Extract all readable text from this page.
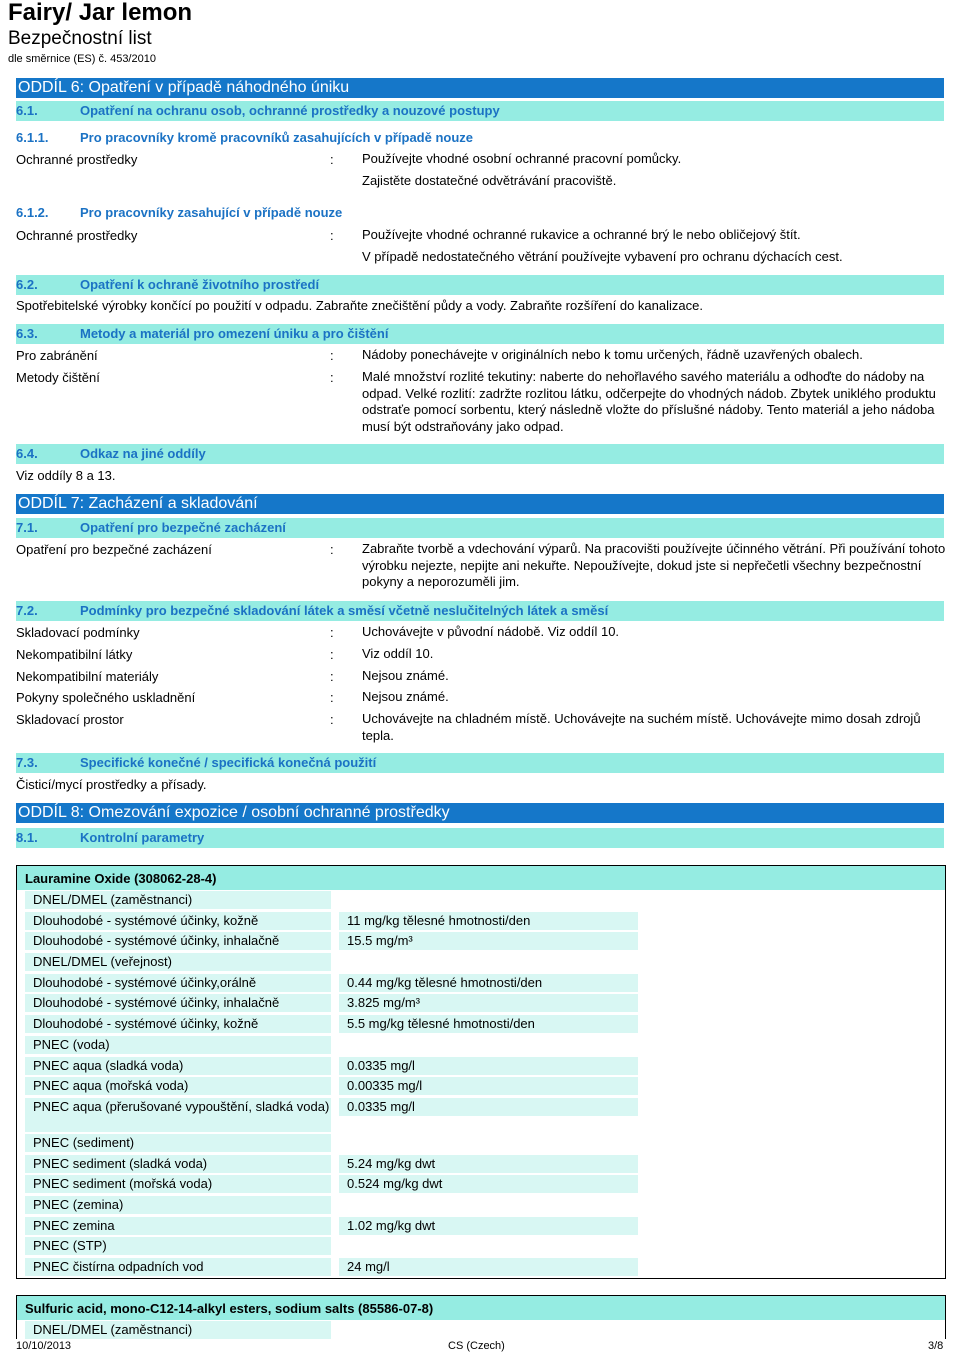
Fairy/ Jar lemon
Bezpečnostní list
dle směrnice (ES) č. 453/2010
ODDÍL 6: Opatření v případě náhodného úniku
6.1.	Opatření na ochranu osob, ochranné prostředky a nouzové postupy
6.1.1. Pro pracovníky kromě pracovníků zasahujících v případě nouze
Ochranné prostředky	: Používejte vhodné osobní ochranné pracovní pomůcky.
Zajistěte dostatečné odvětrávání pracoviště.
6.1.2. Pro pracovníky zasahující v případě nouze
Ochranné prostředky	: Používejte vhodné ochranné rukavice a ochranné brý le nebo obličejový štít.
V případě nedostatečného větrání používejte vybavení pro ochranu dýchacích cest.
6.2.	Opatření k ochraně životního prostředí
Spotřebitelské výrobky končící po použití v odpadu. Zabraňte znečištění půdy a vody. Zabraňte rozšíření do kanalizace.
6.3.	Metody a materiál pro omezení úniku a pro čištění
Pro zabránění	: Nádoby ponechávejte v originálních nebo k tomu určených, řádně uzavřených obalech.
Metody čištění	: Malé množství rozlité tekutiny: naberte do nehořlavého savého materiálu a odhoďte do nádoby na odpad. Velké rozlití: zadržte rozlitou látku, odčerpejte do vhodných nádob. Zbytek uniklého produktu odstraťe pomocí sorbentu, který následně vložte do příslušné nádoby. Tento materiál a jeho nádoba musí být odstraňovány jako odpad.
6.4.	Odkaz na jiné oddíly
Viz oddíly 8 a 13.
ODDÍL 7: Zacházení a skladování
7.1.	Opatření pro bezpečné zacházení
Opatření pro bezpečné zacházení	: Zabraňte tvorbě a vdechování výparů. Na pracovišti používejte účinného větrání. Při používání tohoto výrobku nejezte, nepijte ani nekuřte. Nepoužívejte, dokud jste si nepřečetli všechny bezpečnostní pokyny a neporozuměli jim.
7.2.	Podmínky pro bezpečné skladování látek a směsí včetně neslučitelných látek a směsí
Skladovací podmínky	: Uchovávejte v původní nádobě. Viz oddíl 10.
Nekompatibilní látky	: Viz oddíl 10.
Nekompatibilní materiály	: Nejsou známé.
Pokyny společného uskladnění	: Nejsou známé.
Skladovací prostor	: Uchovávejte na chladném místě. Uchovávejte na suchém místě. Uchovávejte mimo dosah zdrojů tepla.
7.3.	Specifické konečné / specifická konečná použití
Čisticí/mycí prostředky a přísady.
ODDÍL 8: Omezování expozice / osobní ochranné prostředky
8.1.	Kontrolní parametry
Lauramine Oxide (308062-28-4)
DNEL/DMEL (zaměstnanci)
Dlouhodobé - systémové účinky, kožně	11 mg/kg tělesné hmotnosti/den
Dlouhodobé - systémové účinky, inhalačně	15.5 mg/m³
DNEL/DMEL (veřejnost)
Dlouhodobé - systémové účinky,orálně	0.44 mg/kg tělesné hmotnosti/den
Dlouhodobé - systémové účinky, inhalačně	3.825 mg/m³
Dlouhodobé - systémové účinky, kožně	5.5 mg/kg tělesné hmotnosti/den
PNEC (voda)
PNEC aqua (sladká voda)	0.0335 mg/l
PNEC aqua (mořská voda)	0.00335 mg/l
PNEC aqua (přerušované vypouštění, sladká voda)	0.0335 mg/l
PNEC (sediment)
PNEC sediment (sladká voda)	5.24 mg/kg dwt
PNEC sediment (mořská voda)	0.524 mg/kg dwt
PNEC (zemina)
PNEC zemina	1.02 mg/kg dwt
PNEC (STP)
PNEC čistírna odpadních vod	24 mg/l
Sulfuric acid, mono-C12-14-alkyl esters, sodium salts (85586-07-8)
DNEL/DMEL (zaměstnanci)
10/10/2013	CS (Czech)	3/8
